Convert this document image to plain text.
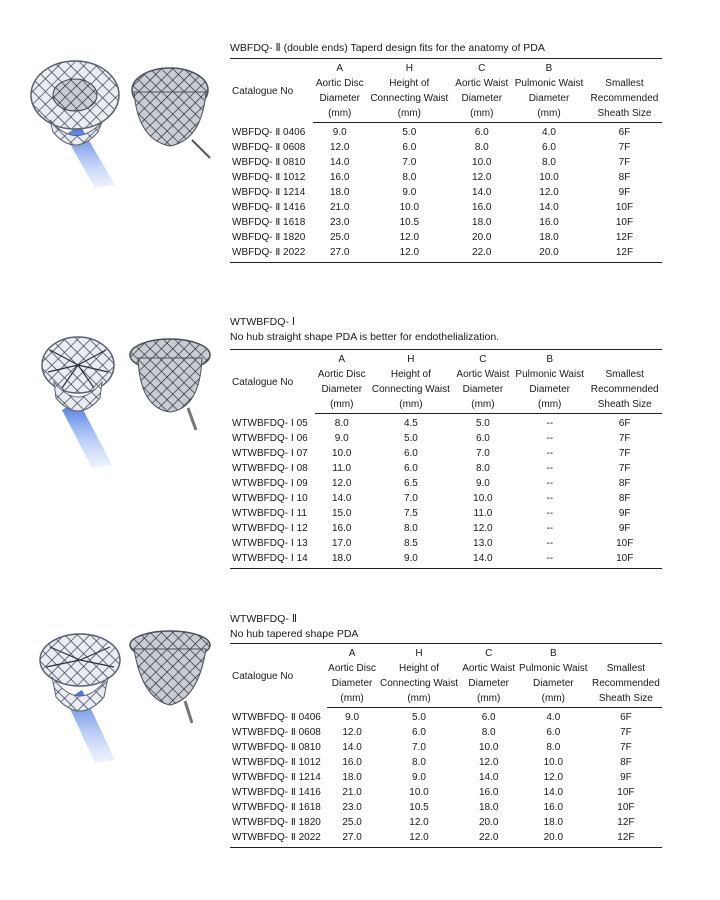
WBFDQ- Ⅱ (double ends) Taperd design fits for the anatomy of PDA
Catalogue No	A	H	C	B	
	Aortic Disc	Height of	Aortic Waist	Pulmonic Waist	Smallest
	Diameter	Connecting Waist	Diameter	Diameter	Recommended
	(mm)	(mm)	(mm)	(mm)	Sheath Size
WBFDQ- Ⅱ 0406	9.0	5.0	6.0	4.0	6F
WBFDQ- Ⅱ 0608	12.0	6.0	8.0	6.0	7F
WBFDQ- Ⅱ 0810	14.0	7.0	10.0	8.0	7F
WBFDQ- Ⅱ 1012	16.0	8.0	12.0	10.0	8F
WBFDQ- Ⅱ 1214	18.0	9.0	14.0	12.0	9F
WBFDQ- Ⅱ 1416	21.0	10.0	16.0	14.0	10F
WBFDQ- Ⅱ 1618	23.0	10.5	18.0	16.0	10F
WBFDQ- Ⅱ 1820	25.0	12.0	20.0	18.0	12F
WBFDQ- Ⅱ 2022	27.0	12.0	22.0	20.0	12F
WTWBFDQ- Ⅰ
No hub straight shape PDA is better for endothelialization.
Catalogue No	A	H	C	B	
	Aortic Disc	Height of	Aortic Waist	Pulmonic Waist	Smallest
	Diameter	Connecting Waist	Diameter	Diameter	Recommended
	(mm)	(mm)	(mm)	(mm)	Sheath Size
WTWBFDQ- Ⅰ 05	8.0	4.5	5.0	--	6F
WTWBFDQ- Ⅰ 06	9.0	5.0	6.0	--	7F
WTWBFDQ- Ⅰ 07	10.0	6.0	7.0	--	7F
WTWBFDQ- Ⅰ 08	11.0	6.0	8.0	--	7F
WTWBFDQ- Ⅰ 09	12.0	6.5	9.0	--	8F
WTWBFDQ- Ⅰ 10	14.0	7.0	10.0	--	8F
WTWBFDQ- Ⅰ 11	15.0	7.5	11.0	--	9F
WTWBFDQ- Ⅰ 12	16.0	8.0	12.0	--	9F
WTWBFDQ- Ⅰ 13	17.0	8.5	13.0	--	10F
WTWBFDQ- Ⅰ 14	18.0	9.0	14.0	--	10F
WTWBFDQ- Ⅱ
No hub tapered shape PDA
Catalogue No	A	H	C	B	
	Aortic Disc	Height of	Aortic Waist	Pulmonic Waist	Smallest
	Diameter	Connecting Waist	Diameter	Diameter	Recommended
	(mm)	(mm)	(mm)	(mm)	Sheath Size
WTWBFDQ- Ⅱ 0406	9.0	5.0	6.0	4.0	6F
WTWBFDQ- Ⅱ 0608	12.0	6.0	8.0	6.0	7F
WTWBFDQ- Ⅱ 0810	14.0	7.0	10.0	8.0	7F
WTWBFDQ- Ⅱ 1012	16.0	8.0	12.0	10.0	8F
WTWBFDQ- Ⅱ 1214	18.0	9.0	14.0	12.0	9F
WTWBFDQ- Ⅱ 1416	21.0	10.0	16.0	14.0	10F
WTWBFDQ- Ⅱ 1618	23.0	10.5	18.0	16.0	10F
WTWBFDQ- Ⅱ 1820	25.0	12.0	20.0	18.0	12F
WTWBFDQ- Ⅱ 2022	27.0	12.0	22.0	20.0	12F
